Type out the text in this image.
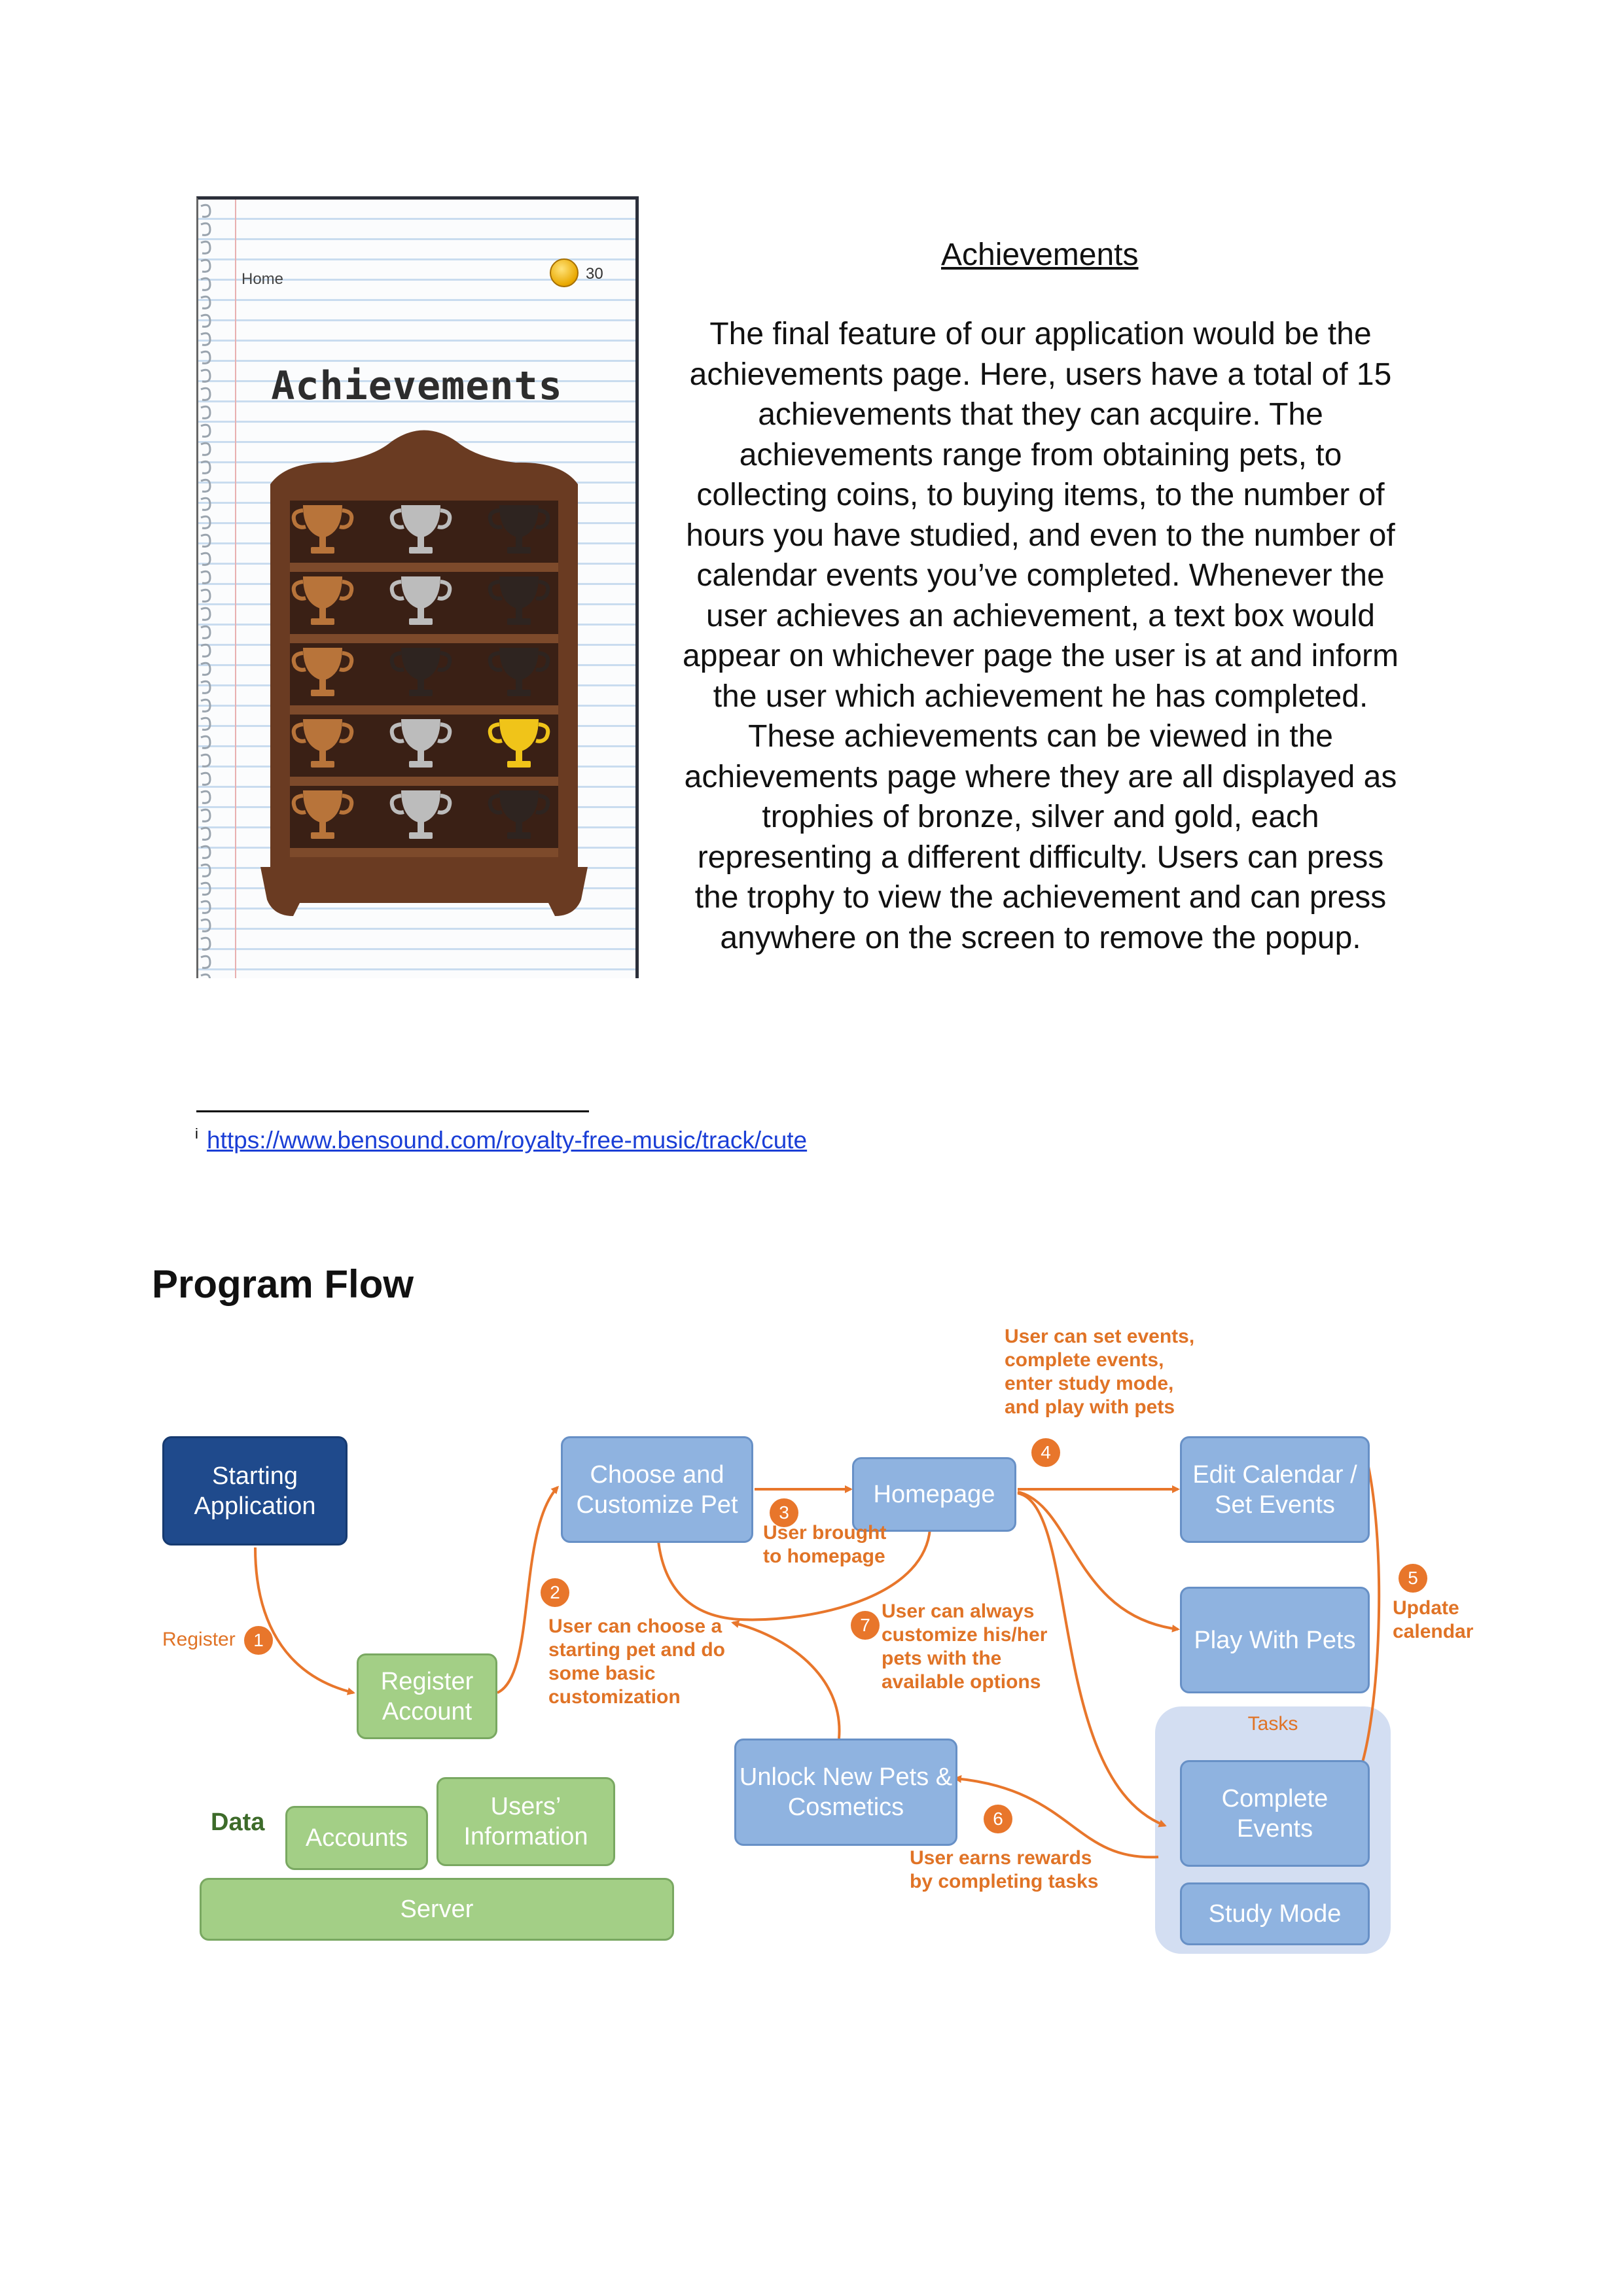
Home	30
Achievements
Achievements
The final feature of our application would be the
achievements page. Here, users have a total of 15
achievements that they can acquire. The
achievements range from obtaining pets, to
collecting coins, to buying items, to the number of
hours you have studied, and even to the number of
calendar events you’ve completed. Whenever the
user achieves an achievement, a text box would
appear on whichever page the user is at and inform
the user which achievement he has completed.
These achievements can be viewed in the
achievements page where they are all displayed as
trophies of bronze, silver and gold, each
representing a different difficulty. Users can press
the trophy to view the achievement and can press
anywhere on the screen to remove the popup.
i https://www.bensound.com/royalty-free-music/track/cute
Program Flow
Tasks
Starting Application
Choose and Customize Pet	Homepage
Edit Calendar / Set Events
Play With Pets
Register Account
Unlock New Pets & Cosmetics	Complete Events
Study Mode
Accounts
Users’ Information
Server
Data
1
2
3
4
5
6
7
Register
User can choose a starting pet and do some basic customization
User brought to homepage
User can set events, complete events, enter study mode, and play with pets
Update calendar
User earns rewards by completing tasks
User can always customize his/her pets with the available options
